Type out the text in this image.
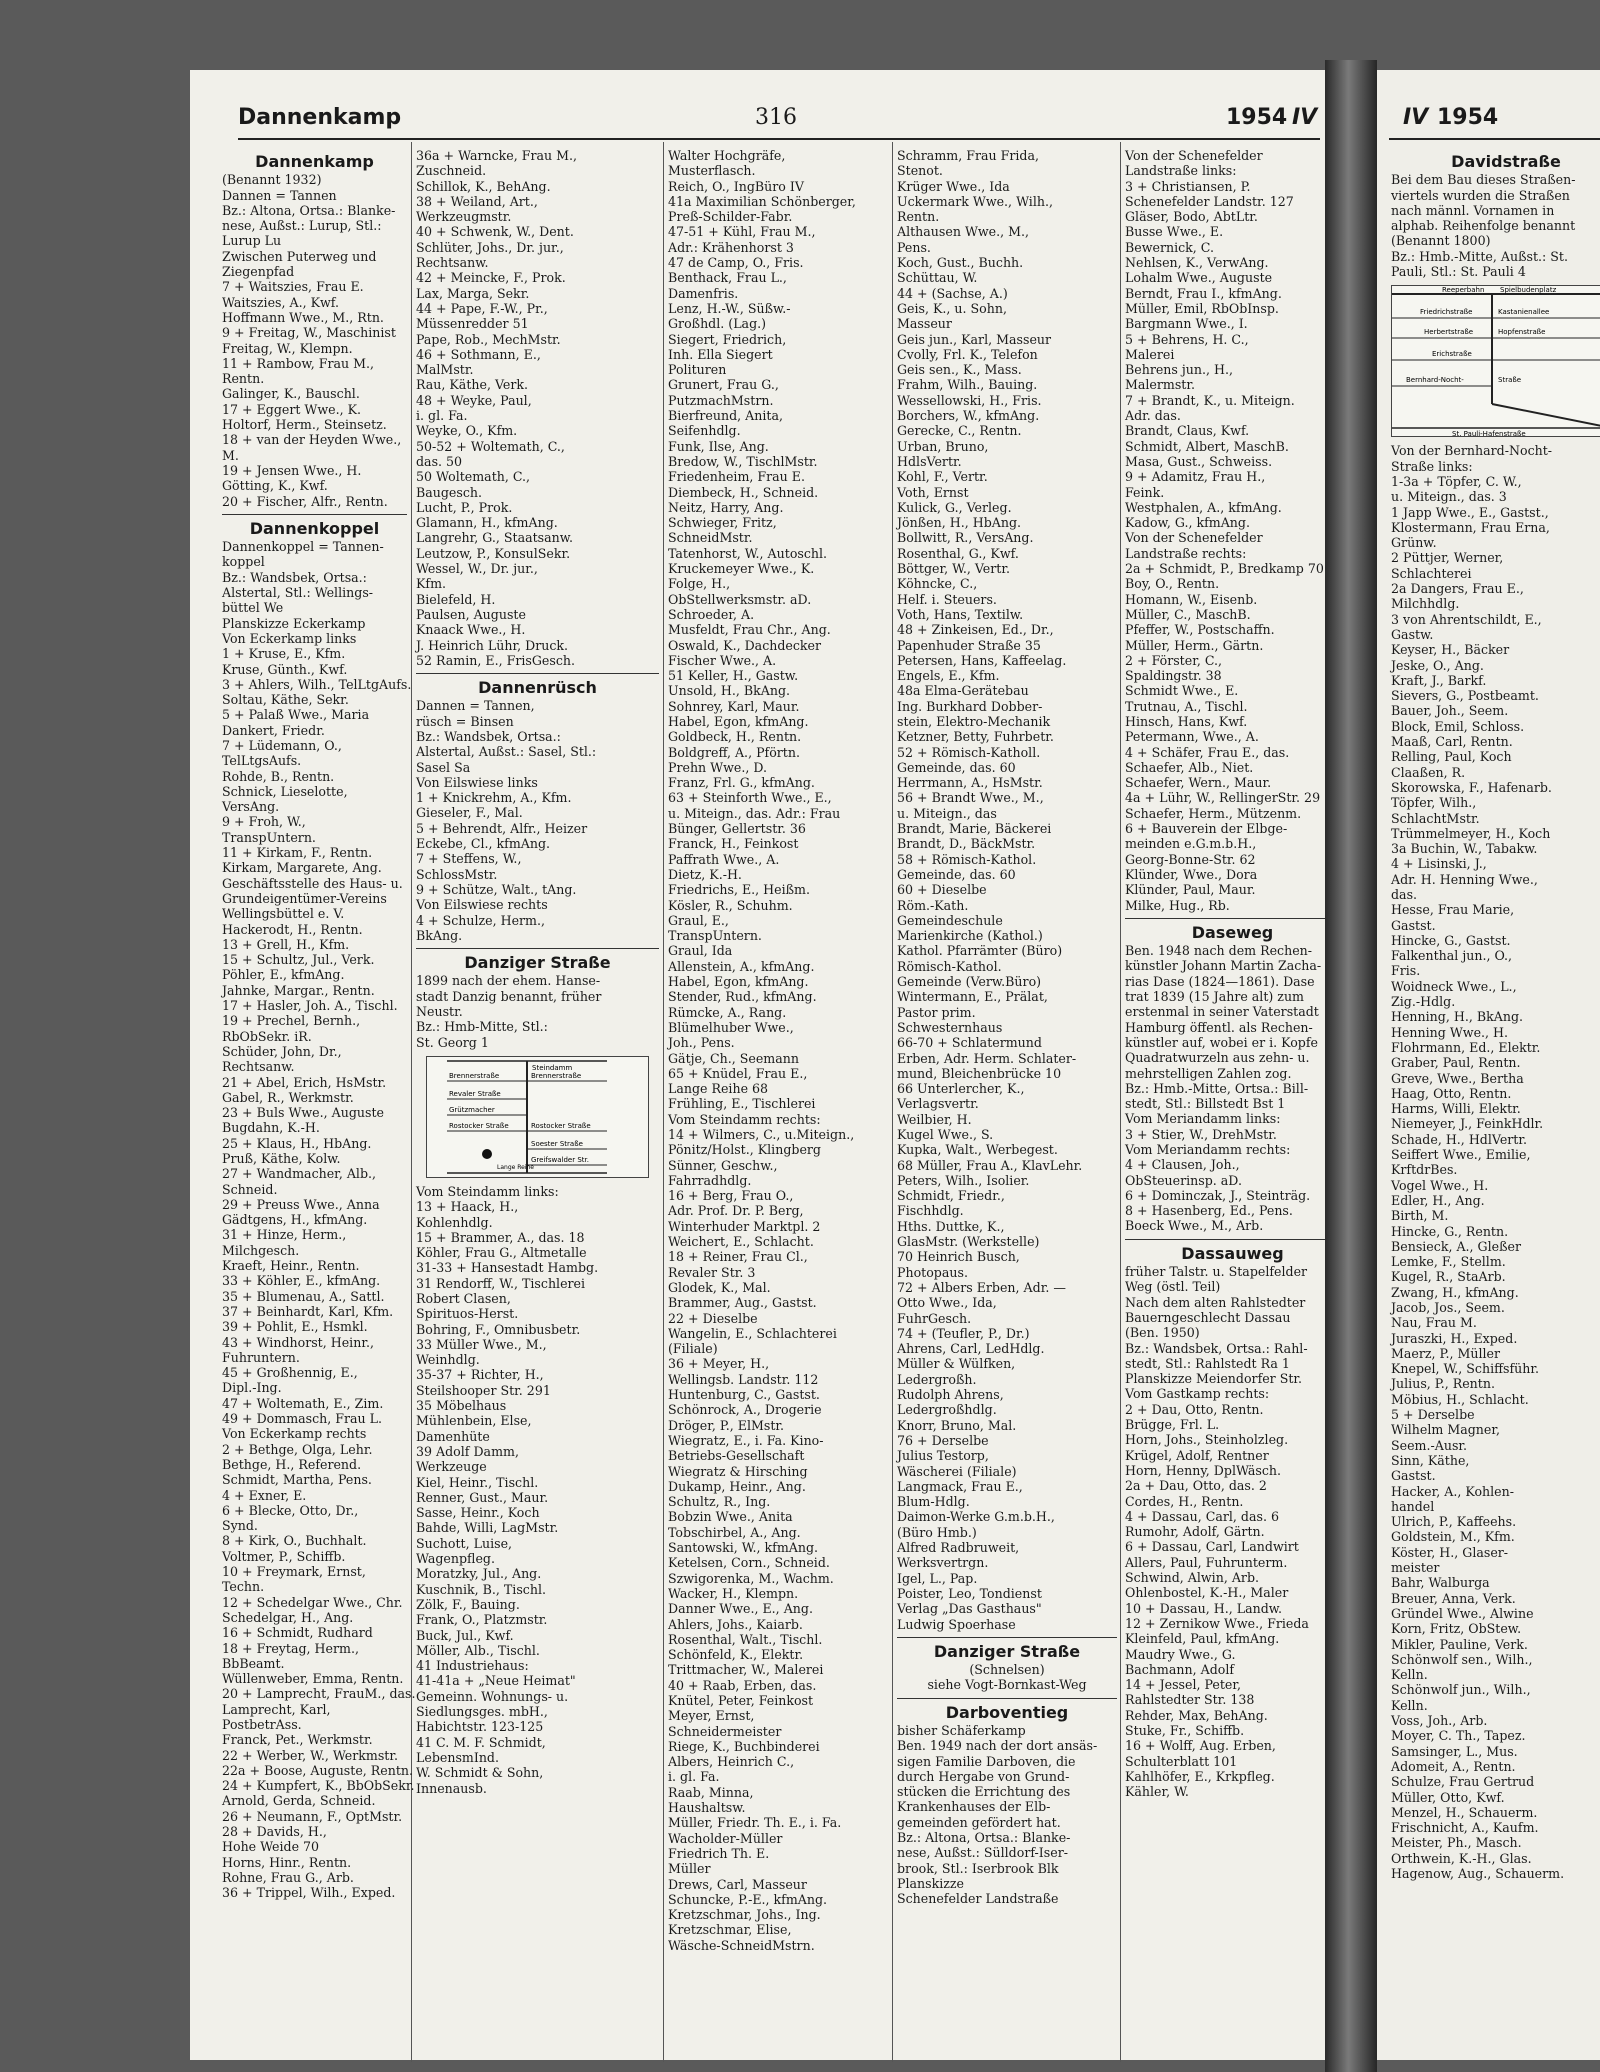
Dannenkamp	316	1954 IV
Dannenkamp
(Benannt 1932)
Dannen = Tannen
Bz.: Altona, Ortsa.: Blanke-
nese, Außst.: Lurup, Stl.:
Lurup Lu
Zwischen Puterweg und
Ziegenpfad
7 + Waitszies, Frau E.
Waitszies, A., Kwf.
Hoffmann Wwe., M., Rtn.
9 + Freitag, W., Maschinist
Freitag, W., Klempn.
11 + Rambow, Frau M.,
Rentn.
Galinger, K., Bauschl.
17 + Eggert Wwe., K.
Holtorf, Herm., Steinsetz.
18 + van der Heyden Wwe.,
M.
19 + Jensen Wwe., H.
Götting, K., Kwf.
20 + Fischer, Alfr., Rentn.
Dannenkoppel
Dannenkoppel = Tannen-
koppel
Bz.: Wandsbek, Ortsa.:
Alstertal, Stl.: Wellings-
büttel We
Planskizze Eckerkamp
Von Eckerkamp links
1 + Kruse, E., Kfm.
Kruse, Günth., Kwf.
3 + Ahlers, Wilh., TelLtgAufs.
Soltau, Käthe, Sekr.
5 + Palaß Wwe., Maria
Dankert, Friedr.
7 + Lüdemann, O.,
TelLtgsAufs.
Rohde, B., Rentn.
Schnick, Lieselotte,
VersAng.
9 + Froh, W.,
TranspUntern.
11 + Kirkam, F., Rentn.
Kirkam, Margarete, Ang.
Geschäftsstelle des Haus- u.
Grundeigentümer-Vereins
Wellingsbüttel e. V.
Hackerodt, H., Rentn.
13 + Grell, H., Kfm.
15 + Schultz, Jul., Verk.
Pöhler, E., kfmAng.
Jahnke, Margar., Rentn.
17 + Hasler, Joh. A., Tischl.
19 + Prechel, Bernh.,
RbObSekr. iR.
Schüder, John, Dr.,
Rechtsanw.
21 + Abel, Erich, HsMstr.
Gabel, R., Werkmstr.
23 + Buls Wwe., Auguste
Bugdahn, K.-H.
25 + Klaus, H., HbAng.
Pruß, Käthe, Kolw.
27 + Wandmacher, Alb.,
Schneid.
29 + Preuss Wwe., Anna
Gädtgens, H., kfmAng.
31 + Hinze, Herm.,
Milchgesch.
Kraeft, Heinr., Rentn.
33 + Köhler, E., kfmAng.
35 + Blumenau, A., Sattl.
37 + Beinhardt, Karl, Kfm.
39 + Pohlit, E., Hsmkl.
43 + Windhorst, Heinr.,
Fuhruntern.
45 + Großhennig, E.,
Dipl.-Ing.
47 + Woltemath, E., Zim.
49 + Dommasch, Frau L.
Von Eckerkamp rechts
2 + Bethge, Olga, Lehr.
Bethge, H., Referend.
Schmidt, Martha, Pens.
4 + Exner, E.
6 + Blecke, Otto, Dr.,
Synd.
8 + Kirk, O., Buchhalt.
Voltmer, P., Schiffb.
10 + Freymark, Ernst,
Techn.
12 + Schedelgar Wwe., Chr.
Schedelgar, H., Ang.
16 + Schmidt, Rudhard
18 + Freytag, Herm.,
BbBeamt.
Wüllenweber, Emma, Rentn.
20 + Lamprecht, FrauM., das.
Lamprecht, Karl,
PostbetrAss.
Franck, Pet., Werkmstr.
22 + Werber, W., Werkmstr.
22a + Boose, Auguste, Rentn.
24 + Kumpfert, K., BbObSekr.
Arnold, Gerda, Schneid.
26 + Neumann, F., OptMstr.
28 + Davids, H.,
Hohe Weide 70
Horns, Hinr., Rentn.
Rohne, Frau G., Arb.
36 + Trippel, Wilh., Exped.
36a + Warncke, Frau M.,
Zuschneid.
Schillok, K., BehAng.
38 + Weiland, Art.,
Werkzeugmstr.
40 + Schwenk, W., Dent.
Schlüter, Johs., Dr. jur.,
Rechtsanw.
42 + Meincke, F., Prok.
Lax, Marga, Sekr.
44 + Pape, F.-W., Pr.,
Müssenredder 51
Pape, Rob., MechMstr.
46 + Sothmann, E.,
MalMstr.
Rau, Käthe, Verk.
48 + Weyke, Paul,
i. gl. Fa.
Weyke, O., Kfm.
50-52 + Woltemath, C.,
das. 50
50 Woltemath, C.,
Baugesch.
Lucht, P., Prok.
Glamann, H., kfmAng.
Langrehr, G., Staatsanw.
Leutzow, P., KonsulSekr.
Wessel, W., Dr. jur.,
Kfm.
Bielefeld, H.
Paulsen, Auguste
Knaack Wwe., H.
J. Heinrich Lühr, Druck.
52 Ramin, E., FrisGesch.
Dannenrüsch
Dannen = Tannen,
rüsch = Binsen
Bz.: Wandsbek, Ortsa.:
Alstertal, Außst.: Sasel, Stl.:
Sasel Sa
Von Eilswiese links
1 + Knickrehm, A., Kfm.
Gieseler, F., Mal.
5 + Behrendt, Alfr., Heizer
Eckebe, Cl., kfmAng.
7 + Steffens, W.,
SchlossMstr.
9 + Schütze, Walt., tAng.
Von Eilswiese rechts
4 + Schulze, Herm.,
BkAng.
Danziger Straße
1899 nach der ehem. Hanse-
stadt Danzig benannt, früher
Neustr.
Bz.: Hmb-Mitte, Stl.:
St. Georg 1
Steindamm
Brennerstraße	Brennerstraße
Revaler Straße
Grützmacher
Rostocker Straße	Rostocker Straße
Soester Straße
Greifswalder Str.
Lange Reihe
Vom Steindamm links:
13 + Haack, H.,
Kohlenhdlg.
15 + Brammer, A., das. 18
Köhler, Frau G., Altmetalle
31-33 + Hansestadt Hambg.
31 Rendorff, W., Tischlerei
Robert Clasen,
Spirituos-Herst.
Bohring, F., Omnibusbetr.
33 Müller Wwe., M.,
Weinhdlg.
35-37 + Richter, H.,
Steilshooper Str. 291
35 Möbelhaus
Mühlenbein, Else,
Damenhüte
39 Adolf Damm,
Werkzeuge
Kiel, Heinr., Tischl.
Renner, Gust., Maur.
Sasse, Heinr., Koch
Bahde, Willi, LagMstr.
Suchott, Luise,
Wagenpfleg.
Moratzky, Jul., Ang.
Kuschnik, B., Tischl.
Zölk, F., Bauing.
Frank, O., Platzmstr.
Buck, Jul., Kwf.
Möller, Alb., Tischl.
41 Industriehaus:
41-41a + „Neue Heimat"
Gemeinn. Wohnungs- u.
Siedlungsges. mbH.,
Habichtstr. 123-125
41 C. M. F. Schmidt,
LebensmInd.
W. Schmidt & Sohn,
Innenausb.
Walter Hochgräfe,
Musterflasch.
Reich, O., IngBüro IV
41a Maximilian Schönberger,
Preß-Schilder-Fabr.
47-51 + Kühl, Frau M.,
Adr.: Krähenhorst 3
47 de Camp, O., Fris.
Benthack, Frau L.,
Damenfris.
Lenz, H.-W., Süßw.-
Großhdl. (Lag.)
Siegert, Friedrich,
Inh. Ella Siegert
Polituren
Grunert, Frau G.,
PutzmachMstrn.
Bierfreund, Anita,
Seifenhdlg.
Funk, Ilse, Ang.
Bredow, W., TischlMstr.
Friedenheim, Frau E.
Diembeck, H., Schneid.
Neitz, Harry, Ang.
Schwieger, Fritz,
SchneidMstr.
Tatenhorst, W., Autoschl.
Kruckemeyer Wwe., K.
Folge, H.,
ObStellwerksmstr. aD.
Schroeder, A.
Musfeldt, Frau Chr., Ang.
Oswald, K., Dachdecker
Fischer Wwe., A.
51 Keller, H., Gastw.
Unsold, H., BkAng.
Sohnrey, Karl, Maur.
Habel, Egon, kfmAng.
Goldbeck, H., Rentn.
Boldgreff, A., Pförtn.
Prehn Wwe., D.
Franz, Frl. G., kfmAng.
63 + Steinforth Wwe., E.,
u. Miteign., das. Adr.: Frau
Bünger, Gellertstr. 36
Franck, H., Feinkost
Paffrath Wwe., A.
Dietz, K.-H.
Friedrichs, E., Heißm.
Kösler, R., Schuhm.
Graul, E.,
TranspUntern.
Graul, Ida
Allenstein, A., kfmAng.
Habel, Egon, kfmAng.
Stender, Rud., kfmAng.
Rümcke, A., Rang.
Blümelhuber Wwe.,
Joh., Pens.
Gätje, Ch., Seemann
65 + Knüdel, Frau E.,
Lange Reihe 68
Frühling, E., Tischlerei
Vom Steindamm rechts:
14 + Wilmers, C., u.Miteign.,
Pönitz/Holst., Klingberg
Sünner, Geschw.,
Fahrradhdlg.
16 + Berg, Frau O.,
Adr. Prof. Dr. P. Berg,
Winterhuder Marktpl. 2
Weichert, E., Schlacht.
18 + Reiner, Frau Cl.,
Revaler Str. 3
Glodek, K., Mal.
Brammer, Aug., Gastst.
22 + Dieselbe
Wangelin, E., Schlachterei
(Filiale)
36 + Meyer, H.,
Wellingsb. Landstr. 112
Huntenburg, C., Gastst.
Schönrock, A., Drogerie
Dröger, P., ElMstr.
Wiegratz, E., i. Fa. Kino-
Betriebs-Gesellschaft
Wiegratz & Hirsching
Dukamp, Heinr., Ang.
Schultz, R., Ing.
Bobzin Wwe., Anita
Tobschirbel, A., Ang.
Santowski, W., kfmAng.
Ketelsen, Corn., Schneid.
Szwigorenka, M., Wachm.
Wacker, H., Klempn.
Danner Wwe., E., Ang.
Ahlers, Johs., Kaiarb.
Rosenthal, Walt., Tischl.
Schönfeld, K., Elektr.
Trittmacher, W., Malerei
40 + Raab, Erben, das.
Knütel, Peter, Feinkost
Meyer, Ernst,
Schneidermeister
Riege, K., Buchbinderei
Albers, Heinrich C.,
i. gl. Fa.
Raab, Minna,
Haushaltsw.
Müller, Friedr. Th. E., i. Fa.
Wacholder-Müller
Friedrich Th. E.
Müller
Drews, Carl, Masseur
Schuncke, P.-E., kfmAng.
Kretzschmar, Johs., Ing.
Kretzschmar, Elise,
Wäsche-SchneidMstrn.
Schramm, Frau Frida,
Stenot.
Krüger Wwe., Ida
Uckermark Wwe., Wilh.,
Rentn.
Althausen Wwe., M.,
Pens.
Koch, Gust., Buchh.
Schüttau, W.
44 + (Sachse, A.)
Geis, K., u. Sohn,
Masseur
Geis jun., Karl, Masseur
Cvolly, Frl. K., Telefon
Geis sen., K., Mass.
Frahm, Wilh., Bauing.
Wessellowski, H., Fris.
Borchers, W., kfmAng.
Gerecke, C., Rentn.
Urban, Bruno,
HdlsVertr.
Kohl, F., Vertr.
Voth, Ernst
Kulick, G., Verleg.
Jönßen, H., HbAng.
Bollwitt, R., VersAng.
Rosenthal, G., Kwf.
Böttger, W., Vertr.
Köhncke, C.,
Helf. i. Steuers.
Voth, Hans, Textilw.
48 + Zinkeisen, Ed., Dr.,
Papenhuder Straße 35
Petersen, Hans, Kaffeelag.
Engels, E., Kfm.
48a Elma-Gerätebau
Ing. Burkhard Dobber-
stein, Elektro-Mechanik
Ketzner, Betty, Fuhrbetr.
52 + Römisch-Katholl.
Gemeinde, das. 60
Herrmann, A., HsMstr.
56 + Brandt Wwe., M.,
u. Miteign., das
Brandt, Marie, Bäckerei
Brandt, D., BäckMstr.
58 + Römisch-Kathol.
Gemeinde, das. 60
60 + Dieselbe
Röm.-Kath.
Gemeindeschule
Marienkirche (Kathol.)
Kathol. Pfarrämter (Büro)
Römisch-Kathol.
Gemeinde (Verw.Büro)
Wintermann, E., Prälat,
Pastor prim.
Schwesternhaus
66-70 + Schlatermund
Erben, Adr. Herm. Schlater-
mund, Bleichenbrücke 10
66 Unterlercher, K.,
Verlagsvertr.
Weilbier, H.
Kugel Wwe., S.
Kupka, Walt., Werbegest.
68 Müller, Frau A., KlavLehr.
Peters, Wilh., Isolier.
Schmidt, Friedr.,
Fischhdlg.
Hths. Duttke, K.,
GlasMstr. (Werkstelle)
70 Heinrich Busch,
Photopaus.
72 + Albers Erben, Adr. —
Otto Wwe., Ida,
FuhrGesch.
74 + (Teufler, P., Dr.)
Ahrens, Carl, LedHdlg.
Müller & Wülfken,
Ledergroßh.
Rudolph Ahrens,
Ledergroßhdlg.
Knorr, Bruno, Mal.
76 + Derselbe
Julius Testorp,
Wäscherei (Filiale)
Langmack, Frau E.,
Blum-Hdlg.
Daimon-Werke G.m.b.H.,
(Büro Hmb.)
Alfred Radbruweit,
Werksvertrgn.
Igel, L., Pap.
Poister, Leo, Tondienst
Verlag „Das Gasthaus"
Ludwig Spoerhase
Danziger Straße
(Schnelsen)
siehe Vogt-Bornkast-Weg
Darboventieg
bisher Schäferkamp
Ben. 1949 nach der dort ansäs-
sigen Familie Darboven, die
durch Hergabe von Grund-
stücken die Errichtung des
Krankenhauses der Elb-
gemeinden gefördert hat.
Bz.: Altona, Ortsa.: Blanke-
nese, Außst.: Sülldorf-Iser-
brook, Stl.: Iserbrook Blk
Planskizze
Schenefelder Landstraße
Von der Schenefelder
Landstraße links:
3 + Christiansen, P.
Schenefelder Landstr. 127
Gläser, Bodo, AbtLtr.
Busse Wwe., E.
Bewernick, C.
Nehlsen, K., VerwAng.
Lohalm Wwe., Auguste
Berndt, Frau I., kfmAng.
Müller, Emil, RbObInsp.
Bargmann Wwe., I.
5 + Behrens, H. C.,
Malerei
Behrens jun., H.,
Malermstr.
7 + Brandt, K., u. Miteign.
Adr. das.
Brandt, Claus, Kwf.
Schmidt, Albert, MaschB.
Masa, Gust., Schweiss.
9 + Adamitz, Frau H.,
Feink.
Westphalen, A., kfmAng.
Kadow, G., kfmAng.
Von der Schenefelder
Landstraße rechts:
2a + Schmidt, P., Bredkamp 70
Boy, O., Rentn.
Homann, W., Eisenb.
Müller, C., MaschB.
Pfeffer, W., Postschaffn.
Müller, Herm., Gärtn.
2 + Förster, C.,
Spaldingstr. 38
Schmidt Wwe., E.
Trutnau, A., Tischl.
Hinsch, Hans, Kwf.
Petermann, Wwe., A.
4 + Schäfer, Frau E., das.
Schaefer, Alb., Niet.
Schaefer, Wern., Maur.
4a + Lühr, W., RellingerStr. 29
Schaefer, Herm., Mützenm.
6 + Bauverein der Elbge-
meinden e.G.m.b.H.,
Georg-Bonne-Str. 62
Klünder, Wwe., Dora
Klünder, Paul, Maur.
Milke, Hug., Rb.
Daseweg
Ben. 1948 nach dem Rechen-
künstler Johann Martin Zacha-
rias Dase (1824—1861). Dase
trat 1839 (15 Jahre alt) zum
erstenmal in seiner Vaterstadt
Hamburg öffentl. als Rechen-
künstler auf, wobei er i. Kopfe
Quadratwurzeln aus zehn- u.
mehrstelligen Zahlen zog.
Bz.: Hmb.-Mitte, Ortsa.: Bill-
stedt, Stl.: Billstedt Bst 1
Vom Meriandamm links:
3 + Stier, W., DrehMstr.
Vom Meriandamm rechts:
4 + Clausen, Joh.,
ObSteuerinsp. aD.
6 + Dominczak, J., Steinträg.
8 + Hasenberg, Ed., Pens.
Boeck Wwe., M., Arb.
Dassauweg
früher Talstr. u. Stapelfelder
Weg (östl. Teil)
Nach dem alten Rahlstedter
Bauerngeschlecht Dassau
(Ben. 1950)
Bz.: Wandsbek, Ortsa.: Rahl-
stedt, Stl.: Rahlstedt Ra 1
Planskizze Meiendorfer Str.
Vom Gastkamp rechts:
2 + Dau, Otto, Rentn.
Brügge, Frl. L.
Horn, Johs., Steinholzleg.
Krügel, Adolf, Rentner
Horn, Henny, DplWäsch.
2a + Dau, Otto, das. 2
Cordes, H., Rentn.
4 + Dassau, Carl, das. 6
Rumohr, Adolf, Gärtn.
6 + Dassau, Carl, Landwirt
Allers, Paul, Fuhrunterm.
Schwind, Alwin, Arb.
Ohlenbostel, K.-H., Maler
10 + Dassau, H., Landw.
12 + Zernikow Wwe., Frieda
Kleinfeld, Paul, kfmAng.
Maudry Wwe., G.
Bachmann, Adolf
14 + Jessel, Peter,
Rahlstedter Str. 138
Rehder, Max, BehAng.
Stuke, Fr., Schiffb.
16 + Wolff, Aug. Erben,
Schulterblatt 101
Kahlhöfer, E., Krkpfleg.
Kähler, W.
IV 1954
Davidstraße
Bei dem Bau dieses Straßen-
viertels wurden die Straßen
nach männl. Vornamen in
alphab. Reihenfolge benannt
(Benannt 1800)
Bz.: Hmb.-Mitte, Außst.: St.
Pauli, Stl.: St. Pauli 4
Reeperbahn Spielbudenplatz
Friedrichstraße	Kastanienallee
Herbertstraße	Hopfenstraße
Erichstraße
Bernhard-Nocht-	Straße
St. Pauli-Hafenstraße
Von der Bernhard-Nocht-
Straße links:
1-3a + Töpfer, C. W.,
u. Miteign., das. 3
1 Japp Wwe., E., Gastst.,
Klostermann, Frau Erna,
Grünw.
2 Püttjer, Werner,
Schlachterei
2a Dangers, Frau E.,
Milchhdlg.
3 von Ahrentschildt, E.,
Gastw.
Keyser, H., Bäcker
Jeske, O., Ang.
Kraft, J., Barkf.
Sievers, G., Postbeamt.
Bauer, Joh., Seem.
Block, Emil, Schloss.
Maaß, Carl, Rentn.
Relling, Paul, Koch
Claaßen, R.
Skorowska, F., Hafenarb.
Töpfer, Wilh.,
SchlachtMstr.
Trümmelmeyer, H., Koch
3a Buchin, W., Tabakw.
4 + Lisinski, J.,
Adr. H. Henning Wwe.,
das.
Hesse, Frau Marie,
Gastst.
Hincke, G., Gastst.
Falkenthal jun., O.,
Fris.
Woidneck Wwe., L.,
Zig.-Hdlg.
Henning, H., BkAng.
Henning Wwe., H.
Flohrmann, Ed., Elektr.
Graber, Paul, Rentn.
Greve, Wwe., Bertha
Haag, Otto, Rentn.
Harms, Willi, Elektr.
Niemeyer, J., FeinkHdlr.
Schade, H., HdlVertr.
Seiffert Wwe., Emilie,
KrftdrBes.
Vogel Wwe., H.
Edler, H., Ang.
Birth, M.
Hincke, G., Rentn.
Bensieck, A., Gleßer
Lemke, F., Stellm.
Kugel, R., StaArb.
Zwang, H., kfmAng.
Jacob, Jos., Seem.
Nau, Frau M.
Juraszki, H., Exped.
Maerz, P., Müller
Knepel, W., Schiffsführ.
Julius, P., Rentn.
Möbius, H., Schlacht.
5 + Derselbe
Wilhelm Magner,
Seem.-Ausr.
Sinn, Käthe,
Gastst.
Hacker, A., Kohlen-
handel
Ulrich, P., Kaffeehs.
Goldstein, M., Kfm.
Köster, H., Glaser-
meister
Bahr, Walburga
Breuer, Anna, Verk.
Gründel Wwe., Alwine
Korn, Fritz, ObStew.
Mikler, Pauline, Verk.
Schönwolf sen., Wilh.,
Kelln.
Schönwolf jun., Wilh.,
Kelln.
Voss, Joh., Arb.
Moyer, C. Th., Tapez.
Samsinger, L., Mus.
Adomeit, A., Rentn.
Schulze, Frau Gertrud
Müller, Otto, Kwf.
Menzel, H., Schauerm.
Frischnicht, A., Kaufm.
Meister, Ph., Masch.
Orthwein, K.-H., Glas.
Hagenow, Aug., Schauerm.
